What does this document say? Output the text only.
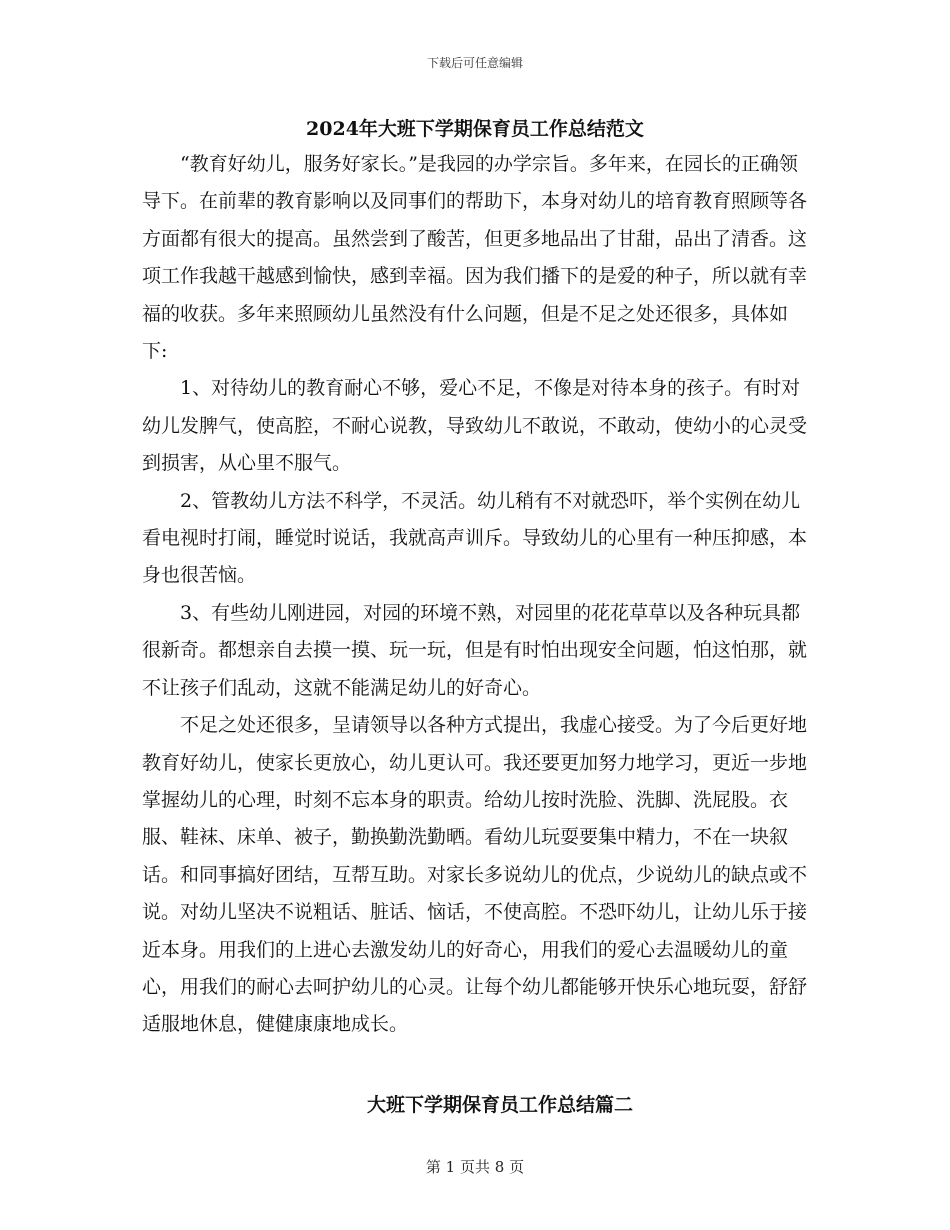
下载后可任意编辑
2024年大班下学期保育员工作总结范文

“教育好幼儿，服务好家长。”是我园的办学宗旨。多年来，在园长的正确领导下。在前辈的教育影响以及同事们的帮助下，本身对幼儿的培育教育照顾等各方面都有很大的提高。虽然尝到了酸苦，但更多地品出了甘甜，品出了清香。这项工作我越干越感到愉快，感到幸福。因为我们播下的是爱的种子，所以就有幸福的收获。多年来照顾幼儿虽然没有什么问题，但是不足之处还很多，具体如下:

1、对待幼儿的教育耐心不够，爱心不足，不像是对待本身的孩子。有时对幼儿发脾气，使高腔，不耐心说教，导致幼儿不敢说，不敢动，使幼小的心灵受到损害，从心里不服气。

2、管教幼儿方法不科学，不灵活。幼儿稍有不对就恐吓，举个实例在幼儿看电视时打闹，睡觉时说话，我就高声训斥。导致幼儿的心里有一种压抑感，本身也很苦恼。

3、有些幼儿刚进园，对园的环境不熟，对园里的花花草草以及各种玩具都很新奇。都想亲自去摸一摸、玩一玩，但是有时怕出现安全问题，怕这怕那，就不让孩子们乱动，这就不能满足幼儿的好奇心。

不足之处还很多，呈请领导以各种方式提出，我虚心接受。为了今后更好地教育好幼儿，使家长更放心，幼儿更认可。我还要更加努力地学习，更近一步地掌握幼儿的心理，时刻不忘本身的职责。给幼儿按时洗脸、洗脚、洗屁股。衣服、鞋袜、床单、被子，勤换勤洗勤晒。看幼儿玩耍要集中精力，不在一块叙话。和同事搞好团结，互帮互助。对家长多说幼儿的优点，少说幼儿的缺点或不说。对幼儿坚决不说粗话、脏话、恼话，不使高腔。不恐吓幼儿，让幼儿乐于接近本身。用我们的上进心去激发幼儿的好奇心，用我们的爱心去温暖幼儿的童心，用我们的耐心去呵护幼儿的心灵。让每个幼儿都能够开快乐心地玩耍，舒舒适服地休息，健健康康地成长。

大班下学期保育员工作总结篇二
第 1 页共 8 页
